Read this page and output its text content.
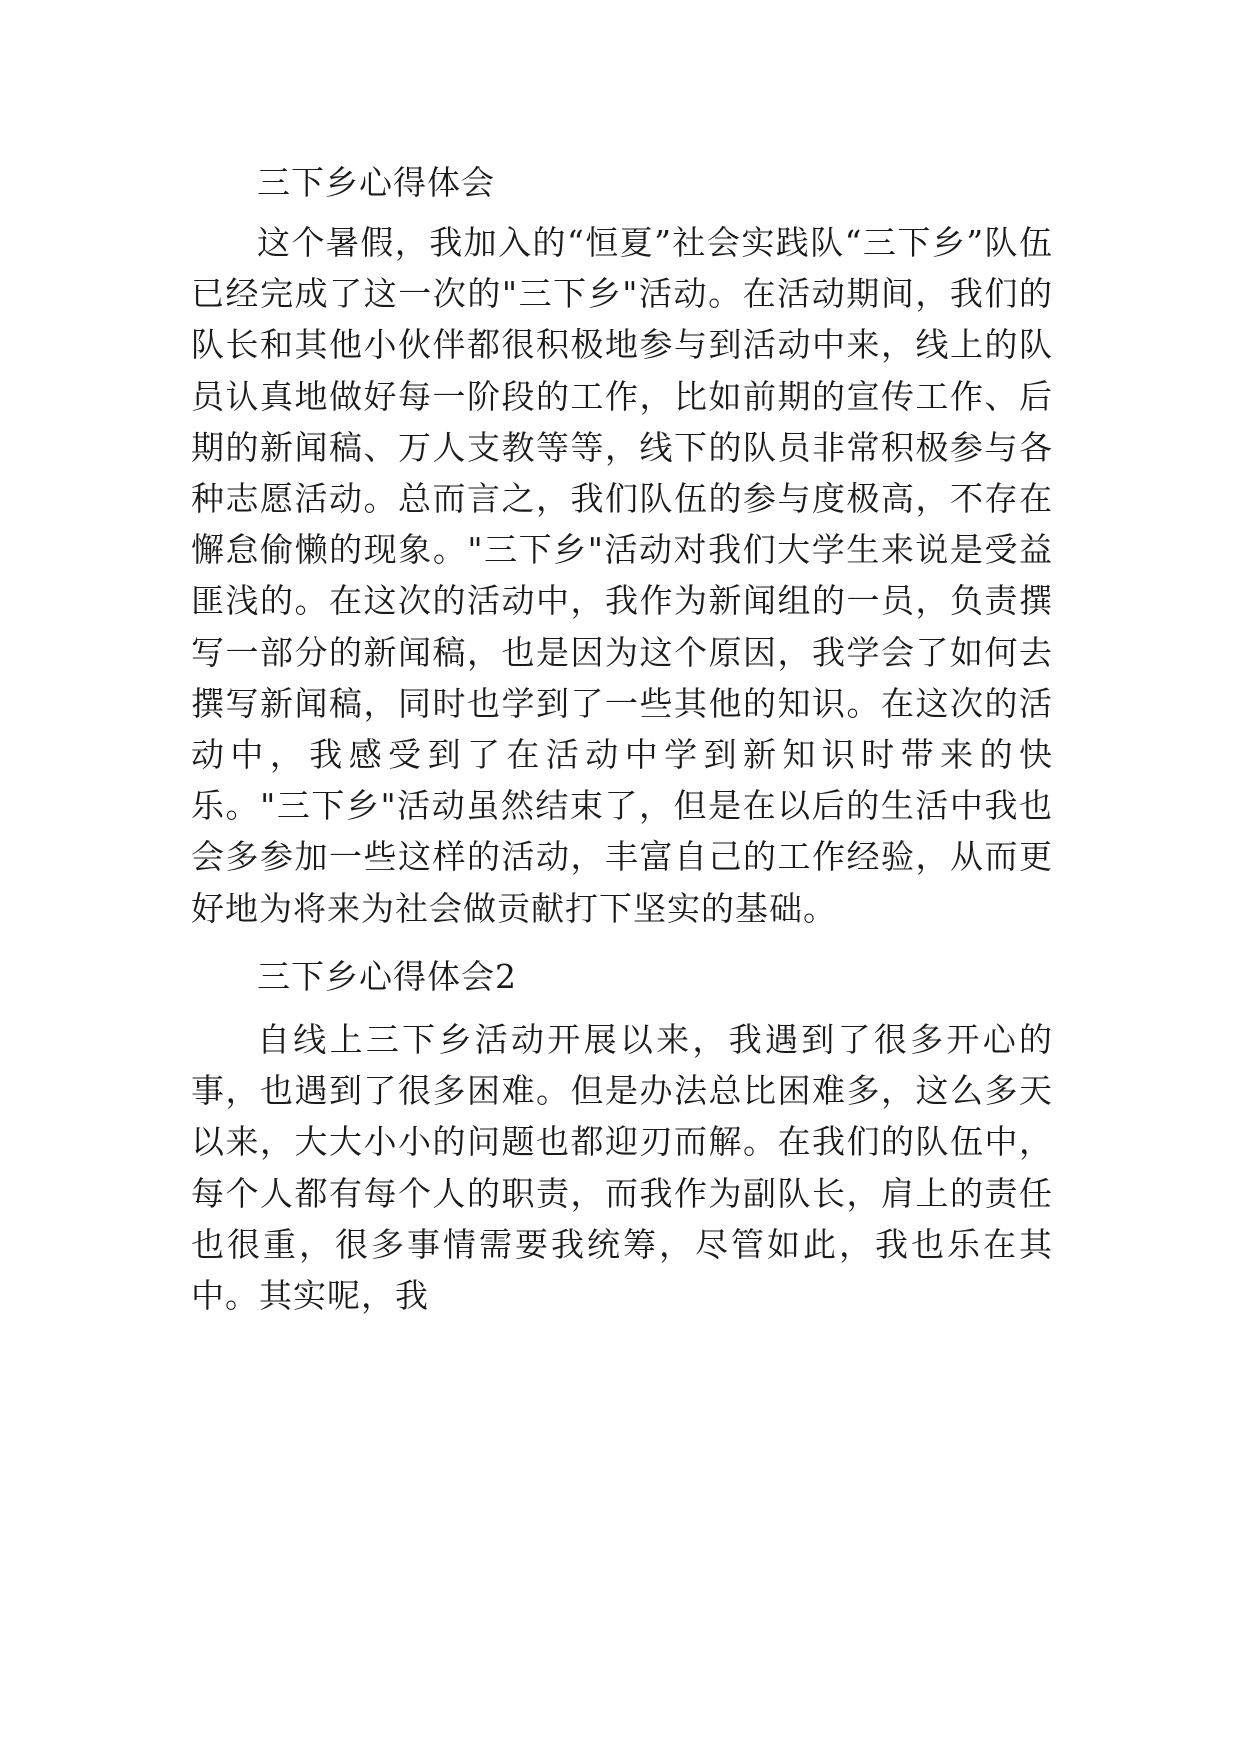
三下乡心得体会
这个暑假，我加入的“恒夏”社会实践队“三下乡”队伍已经完成了这一次的"三下乡"活动。在活动期间，我们的队长和其他小伙伴都很积极地参与到活动中来，线上的队员认真地做好每一阶段的工作，比如前期的宣传工作、后期的新闻稿、万人支教等等，线下的队员非常积极参与各种志愿活动。总而言之，我们队伍的参与度极高，不存在懈怠偷懒的现象。"三下乡"活动对我们大学生来说是受益匪浅的。在这次的活动中，我作为新闻组的一员，负责撰写一部分的新闻稿，也是因为这个原因，我学会了如何去撰写新闻稿，同时也学到了一些其他的知识。在这次的活动中，我感受到了在活动中学到新知识时带来的快乐。"三下乡"活动虽然结束了，但是在以后的生活中我也会多参加一些这样的活动，丰富自己的工作经验，从而更好地为将来为社会做贡献打下坚实的基础。
三下乡心得体会2
自线上三下乡活动开展以来，我遇到了很多开心的事，也遇到了很多困难。但是办法总比困难多，这么多天以来，大大小小的问题也都迎刃而解。在我们的队伍中，每个人都有每个人的职责，而我作为副队长，肩上的责任也很重，很多事情需要我统筹，尽管如此，我也乐在其中。其实呢，我
